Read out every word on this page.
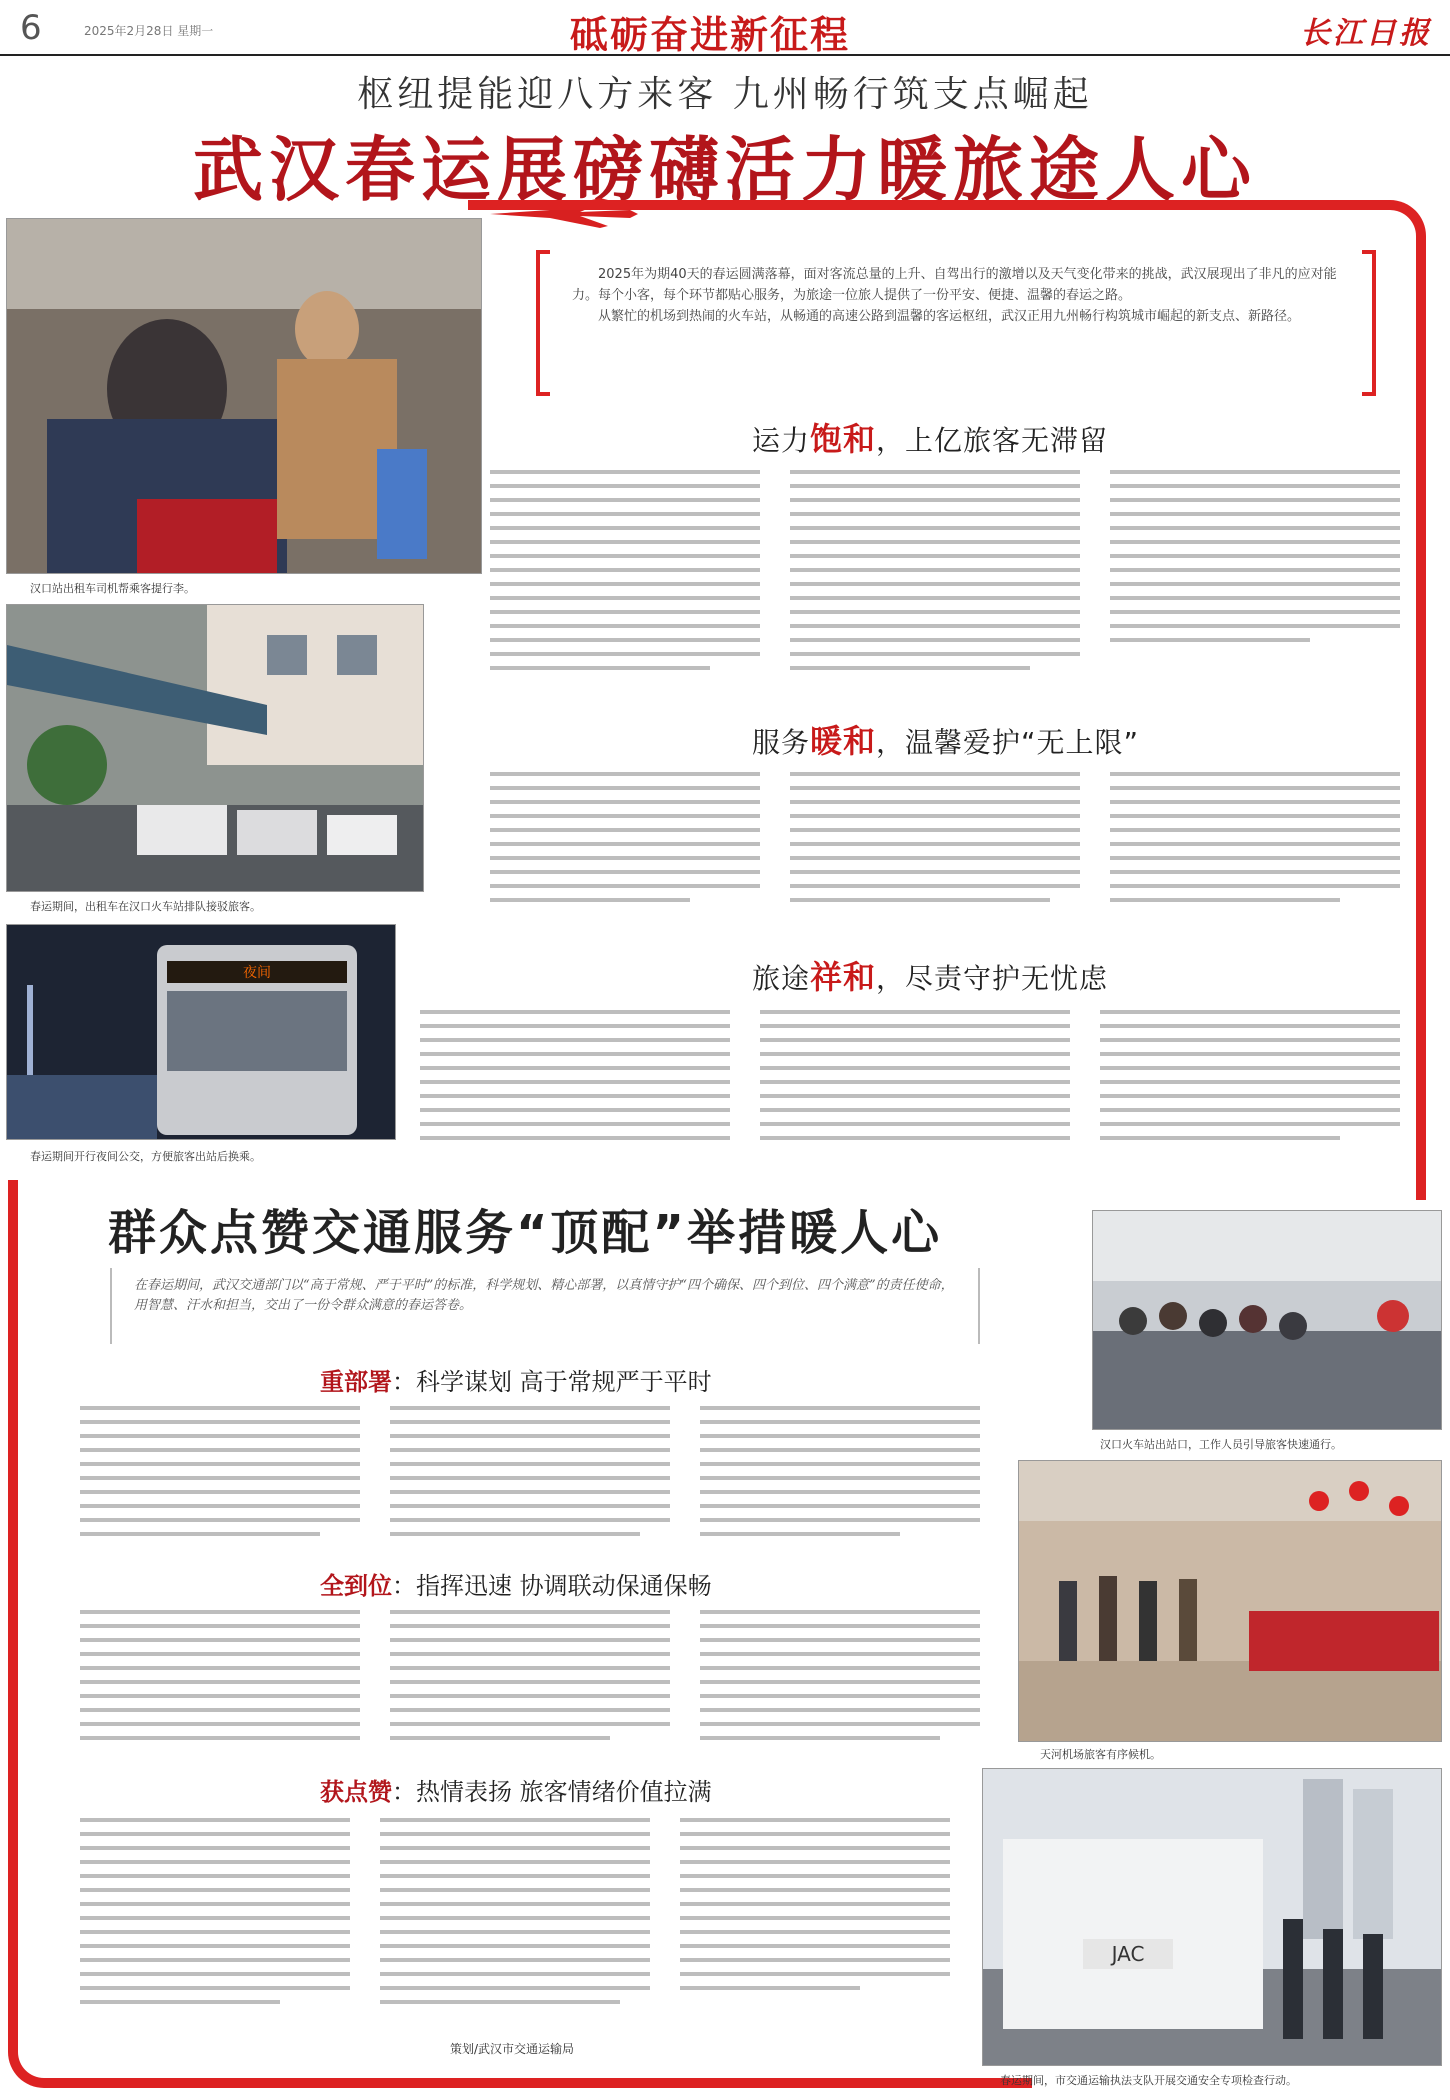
6	2025年2月28日 星期一	砥砺奋进新征程	长江日报
枢纽提能迎八方来客 九州畅行筑支点崛起
武汉春运展磅礴活力暖旅途人心
汉口站出租车司机帮乘客提行李。
春运期间，出租车在汉口火车站排队接驳旅客。
夜间
春运期间开行夜间公交，方便旅客出站后换乘。

2025年为期40天的春运圆满落幕，面对客流总量的上升、自驾出行的激增以及天气变化带来的挑战，武汉展现出了非凡的应对能力。每个小客，每个环节都贴心服务，为旅途一位旅人提供了一份平安、便捷、温馨的春运之路。

从繁忙的机场到热闹的火车站，从畅通的高速公路到温馨的客运枢纽，武汉正用九州畅行构筑城市崛起的新支点、新路径。

运力饱和，上亿旅客无滞留
服务暖和，温馨爱护“无上限”
旅途祥和，尽责守护无忧虑
群众点赞交通服务“顶配”举措暖人心

在春运期间，武汉交通部门以“高于常规、严于平时”的标准，科学规划、精心部署，以真情守护“四个确保、四个到位、四个满意”的责任使命，用智慧、汗水和担当，交出了一份令群众满意的春运答卷。

重部署：科学谋划 高于常规严于平时
全到位：指挥迅速 协调联动保通保畅
获点赞：热情表扬 旅客情绪价值拉满
汉口火车站出站口，工作人员引导旅客快速通行。
天河机场旅客有序候机。
JAC
春运期间，市交通运输执法支队开展交通安全专项检查行动。
策划/武汉市交通运输局
